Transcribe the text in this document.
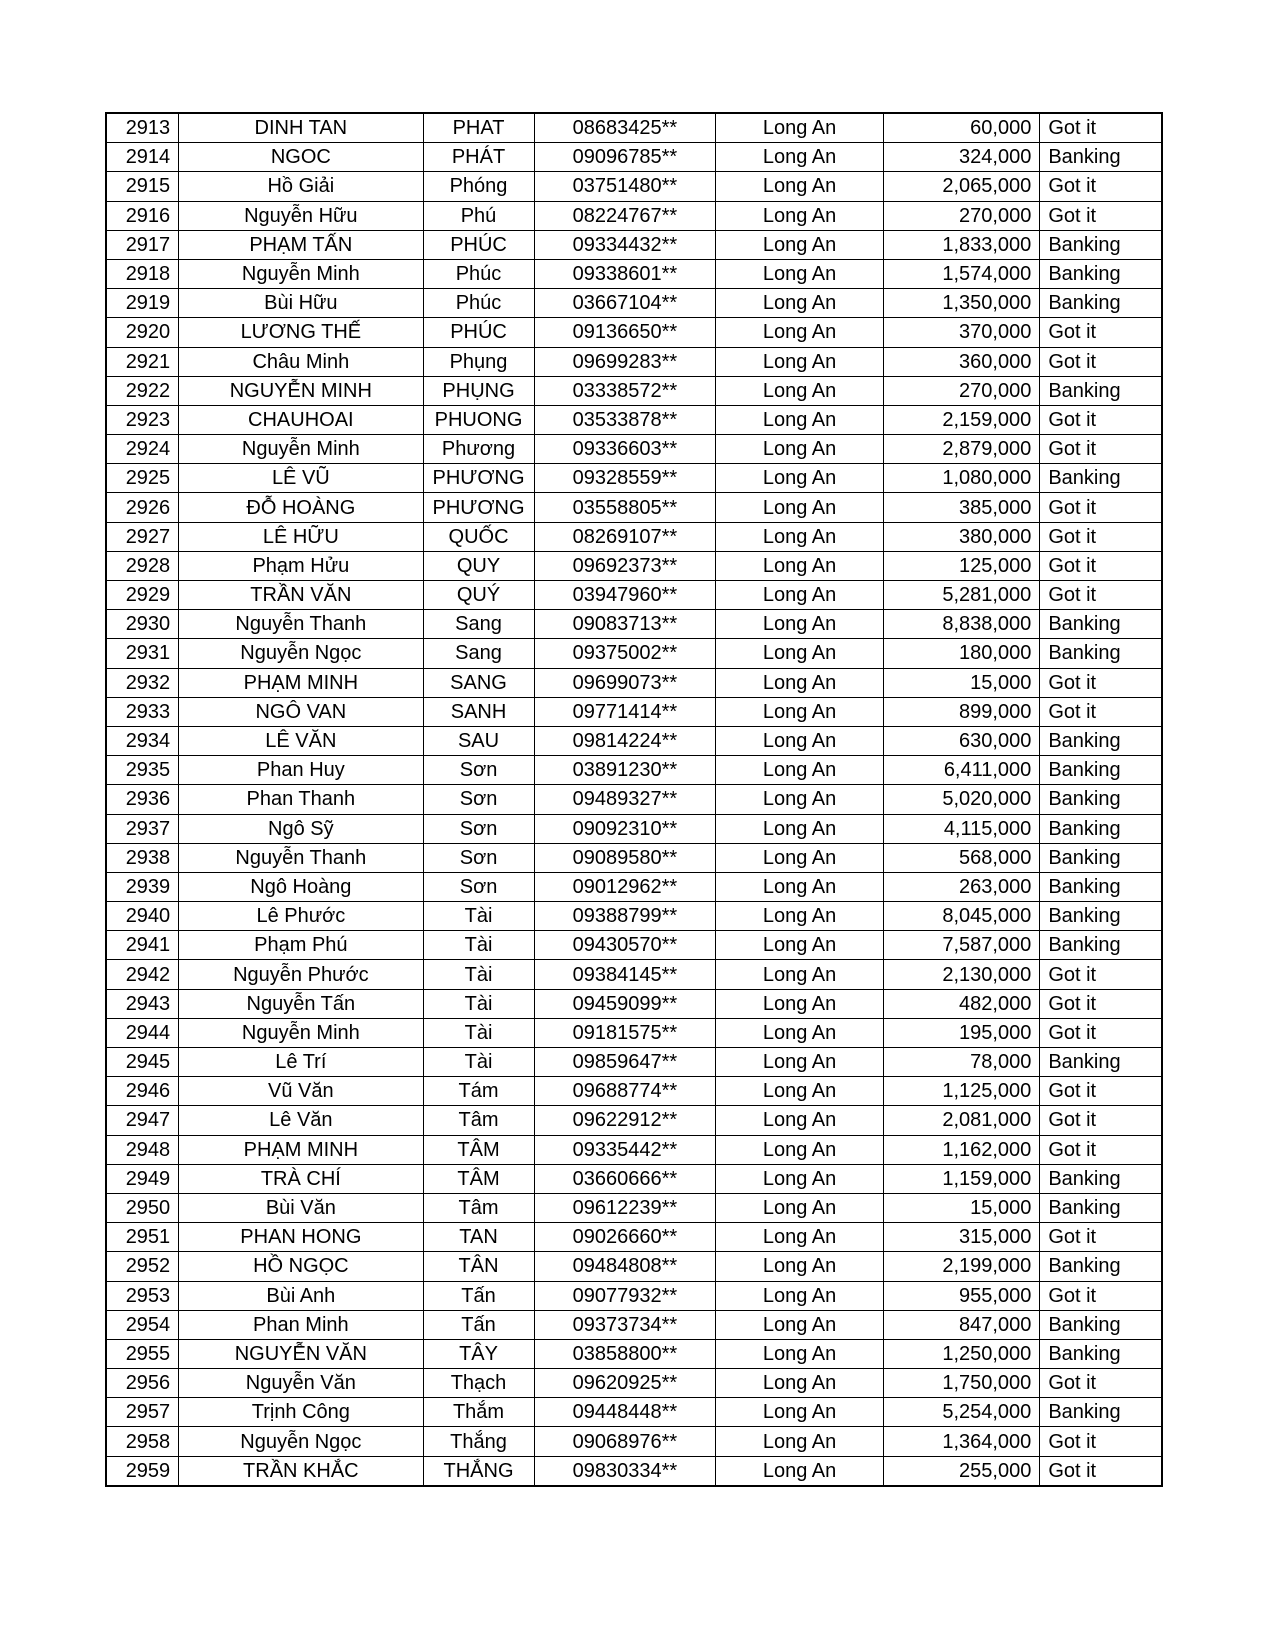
2913	DINH TAN	PHAT	08683425**	Long An	60,000	Got it
2914	NGOC	PHÁT	09096785**	Long An	324,000	Banking
2915	Hồ Giải	Phóng	03751480**	Long An	2,065,000	Got it
2916	Nguyễn Hữu	Phú	08224767**	Long An	270,000	Got it
2917	PHẠM TẤN	PHÚC	09334432**	Long An	1,833,000	Banking
2918	Nguyễn Minh	Phúc	09338601**	Long An	1,574,000	Banking
2919	Bùi Hữu	Phúc	03667104**	Long An	1,350,000	Banking
2920	LƯƠNG THẾ	PHÚC	09136650**	Long An	370,000	Got it
2921	Châu Minh	Phụng	09699283**	Long An	360,000	Got it
2922	NGUYỄN MINH	PHỤNG	03338572**	Long An	270,000	Banking
2923	CHAUHOAI	PHUONG	03533878**	Long An	2,159,000	Got it
2924	Nguyễn Minh	Phương	09336603**	Long An	2,879,000	Got it
2925	LÊ VŨ	PHƯƠNG	09328559**	Long An	1,080,000	Banking
2926	ĐỖ HOÀNG	PHƯƠNG	03558805**	Long An	385,000	Got it
2927	LÊ HỮU	QUỐC	08269107**	Long An	380,000	Got it
2928	Phạm Hửu	QUY	09692373**	Long An	125,000	Got it
2929	TRẦN VĂN	QUÝ	03947960**	Long An	5,281,000	Got it
2930	Nguyễn Thanh	Sang	09083713**	Long An	8,838,000	Banking
2931	Nguyễn Ngọc	Sang	09375002**	Long An	180,000	Banking
2932	PHẠM MINH	SANG	09699073**	Long An	15,000	Got it
2933	NGÔ VAN	SANH	09771414**	Long An	899,000	Got it
2934	LÊ VĂN	SAU	09814224**	Long An	630,000	Banking
2935	Phan Huy	Sơn	03891230**	Long An	6,411,000	Banking
2936	Phan Thanh	Sơn	09489327**	Long An	5,020,000	Banking
2937	Ngô Sỹ	Sơn	09092310**	Long An	4,115,000	Banking
2938	Nguyễn Thanh	Sơn	09089580**	Long An	568,000	Banking
2939	Ngô Hoàng	Sơn	09012962**	Long An	263,000	Banking
2940	Lê Phước	Tài	09388799**	Long An	8,045,000	Banking
2941	Phạm Phú	Tài	09430570**	Long An	7,587,000	Banking
2942	Nguyễn Phước	Tài	09384145**	Long An	2,130,000	Got it
2943	Nguyễn Tấn	Tài	09459099**	Long An	482,000	Got it
2944	Nguyễn Minh	Tài	09181575**	Long An	195,000	Got it
2945	Lê Trí	Tài	09859647**	Long An	78,000	Banking
2946	Vũ Văn	Tám	09688774**	Long An	1,125,000	Got it
2947	Lê Văn	Tâm	09622912**	Long An	2,081,000	Got it
2948	PHẠM MINH	TÂM	09335442**	Long An	1,162,000	Got it
2949	TRÀ CHÍ	TÂM	03660666**	Long An	1,159,000	Banking
2950	Bùi Văn	Tâm	09612239**	Long An	15,000	Banking
2951	PHAN HONG	TAN	09026660**	Long An	315,000	Got it
2952	HỒ NGỌC	TÂN	09484808**	Long An	2,199,000	Banking
2953	Bùi Anh	Tấn	09077932**	Long An	955,000	Got it
2954	Phan Minh	Tấn	09373734**	Long An	847,000	Banking
2955	NGUYỄN VĂN	TÂY	03858800**	Long An	1,250,000	Banking
2956	Nguyễn Văn	Thạch	09620925**	Long An	1,750,000	Got it
2957	Trịnh Công	Thắm	09448448**	Long An	5,254,000	Banking
2958	Nguyễn Ngọc	Thắng	09068976**	Long An	1,364,000	Got it
2959	TRẦN KHẮC	THẮNG	09830334**	Long An	255,000	Got it
